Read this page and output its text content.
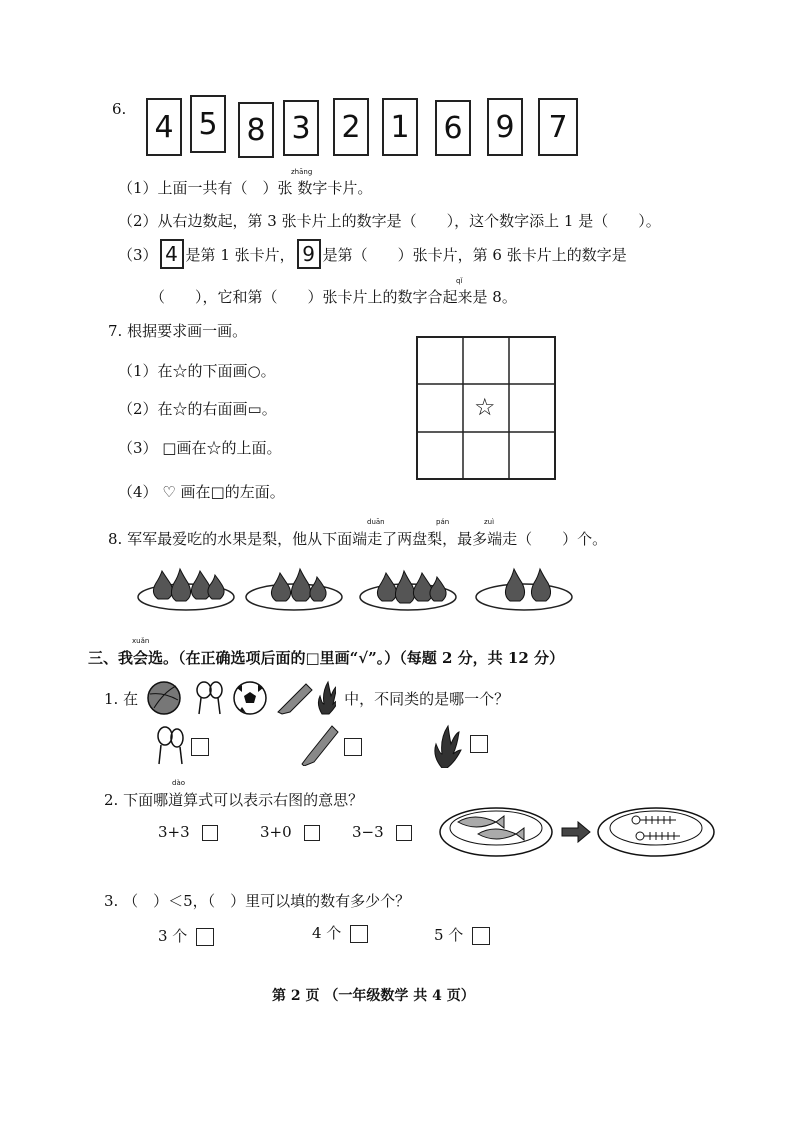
6.
4 5 8 3 2 1 6 9 7
zhāng
（1）上面一共有（　）张 数字卡片。
（2）从右边数起，第 3 张卡片上的数字是（　　），这个数字添上 1 是（　　）。
（3） 4 是第 1 张卡片， 9 是第（　　）张卡片，第 6 张卡片上的数字是
qǐ
（　　），它和第（　　）张卡片上的数字合起来是 8。
7. 根据要求画一画。
（1）在☆的下面画○。
（2）在☆的右面画▭。
（3） □画在☆的上面。
（4） ♡ 画在□的左面。
☆
duān	pán	zuì
8. 军军最爱吃的水果是梨，他从下面端走了两盘梨，最多端走（　　）个。
xuǎn
三、我会选。（在正确选项后面的□里画“√”。）（每题 2 分，共 12 分）
1. 在	中，不同类的是哪一个？
dào
2. 下面哪道算式可以表示右图的意思？
3+3	3+0	3−3
3. （　）＜5，（　）里可以填的数有多少个？
3 个	4 个	5 个
第 2 页 （一年级数学 共 4 页）
